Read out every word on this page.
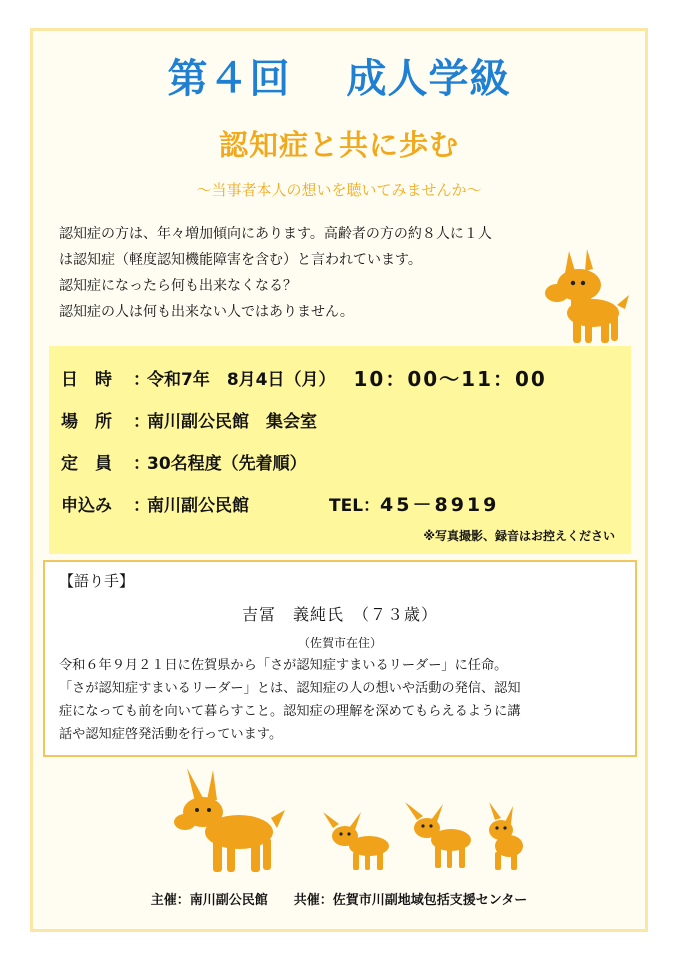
第４回　 成人学級
認知症と共に歩む
～当事者本人の想いを聴いてみませんか～

認知症の方は、年々増加傾向にあります。高齢者の方の約８人に１人

は認知症（軽度認知機能障害を含む）と言われています。

認知症になったら何も出来なくなる？

認知症の人は何も出来ない人ではありません。

日　時	：
令和7年　8月4日（月） 10：00～11：00
場　所	：
南川副公民館　集会室
定　員	：
30名程度（先着順）
申込み	：
南川副公民館	TEL： 45－8919
※写真撮影、録音はお控えください
【語り手】
吉冨　義純氏　（７３歳）
（佐賀市在住）

令和６年９月２１日に佐賀県から「さが認知症すまいるリーダー」に任命。

「さが認知症すまいるリーダー」とは、認知症の人の想いや活動の発信、認知

症になっても前を向いて暮らすこと。認知症の理解を深めてもらえるように講

話や認知症啓発活動を行っています。

主催：南川副公民館　　共催：佐賀市川副地域包括支援センター
